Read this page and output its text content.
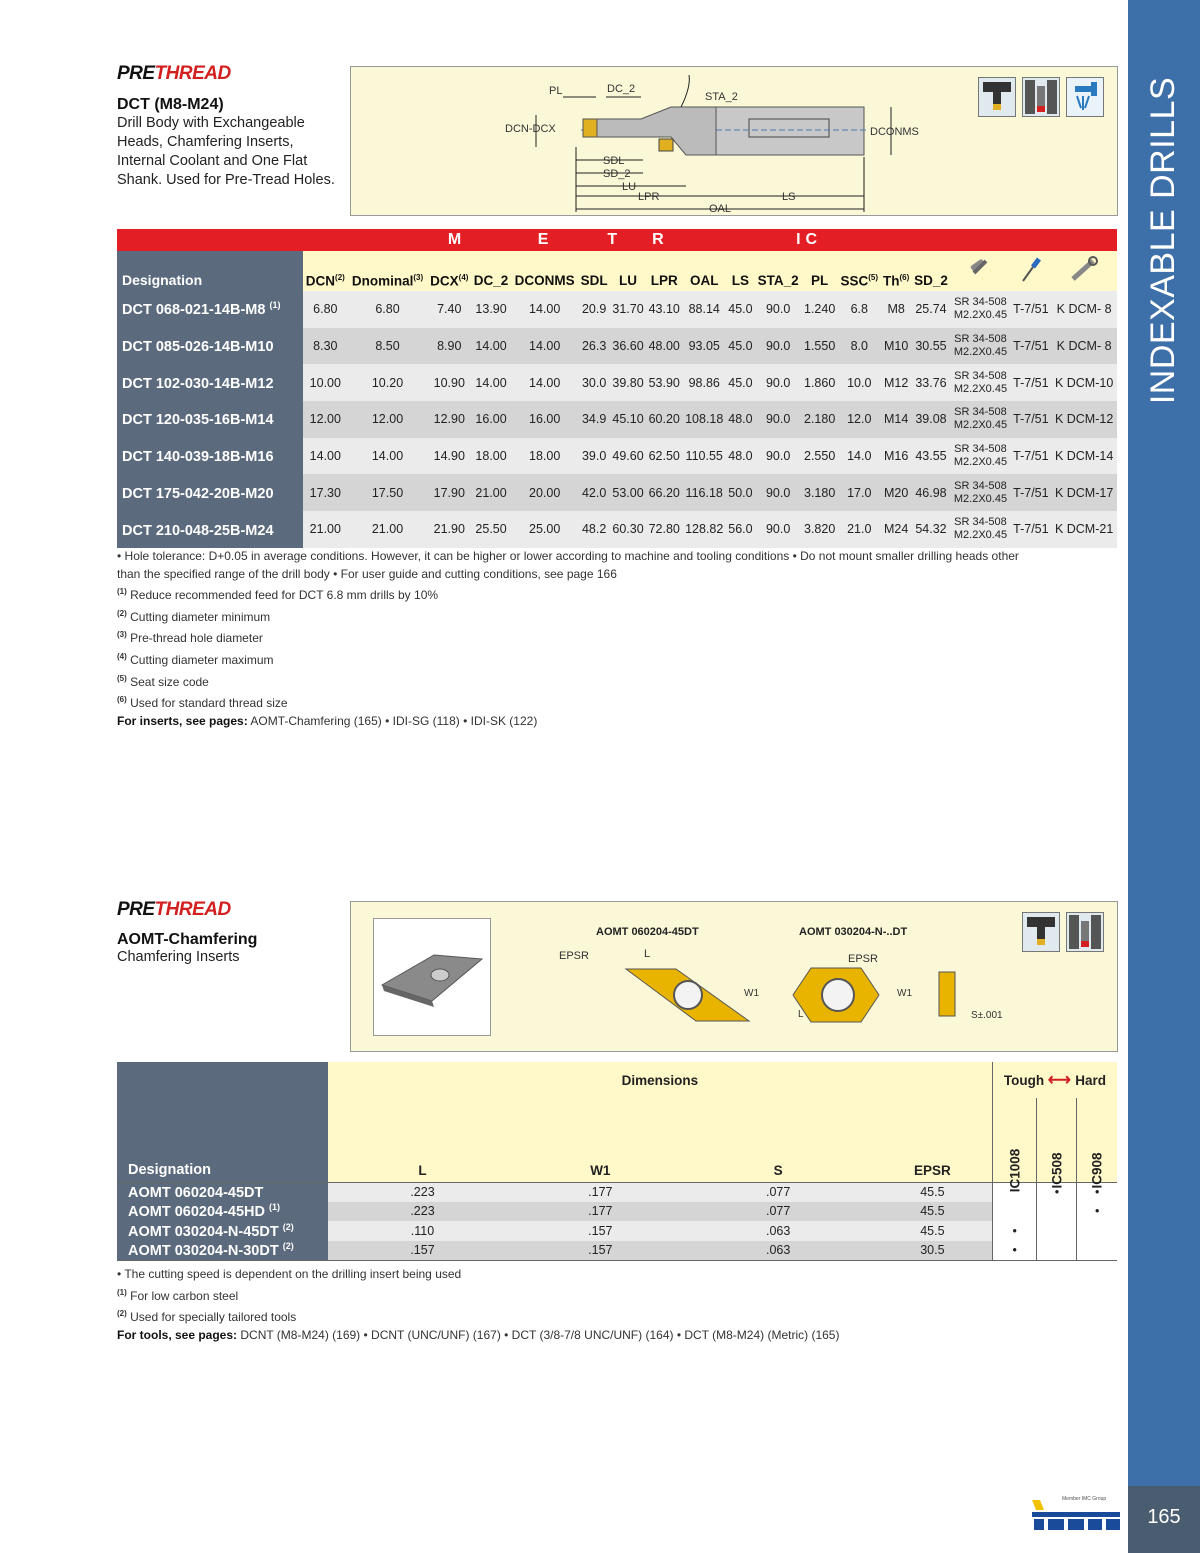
INDEXABLE DRILLS
165
Member IMC Group
PRETHREAD
DCT (M8-M24)
Drill Body with Exchangeable
Heads, Chamfering Inserts,
Internal Coolant and One Flat
Shank. Used for Pre-Tread Holes.
PL	DC_2
STA_2
DCN-DCX	DCONMS
SDL
SD_2
LU
LPR	LS
OAL
	M			E		T		R		I		C						
Designation	DCN$^{(2)}$	Dnominal$^{(3)}$	DCX$^{(4)}$	DC_2	DCONMS	SDL	LU	LPR	OAL	LS	STA_2	PL	SSC$^{(5)}$	Th$^{(6)}$	SD_2			
DCT 068-021-14B-M8 $^{(1)}$	6.80	6.80	7.40	13.90	14.00	20.9	31.70	43.10	88.14	45.0	90.0	1.240	6.8	M8	25.74	SR 34-508
M2.2X0.45	T-7/51	K DCM- 8
DCT 085-026-14B-M10	8.30	8.50	8.90	14.00	14.00	26.3	36.60	48.00	93.05	45.0	90.0	1.550	8.0	M10	30.55	SR 34-508
M2.2X0.45	T-7/51	K DCM- 8
DCT 102-030-14B-M12	10.00	10.20	10.90	14.00	14.00	30.0	39.80	53.90	98.86	45.0	90.0	1.860	10.0	M12	33.76	SR 34-508
M2.2X0.45	T-7/51	K DCM-10
DCT 120-035-16B-M14	12.00	12.00	12.90	16.00	16.00	34.9	45.10	60.20	108.18	48.0	90.0	2.180	12.0	M14	39.08	SR 34-508
M2.2X0.45	T-7/51	K DCM-12
DCT 140-039-18B-M16	14.00	14.00	14.90	18.00	18.00	39.0	49.60	62.50	110.55	48.0	90.0	2.550	14.0	M16	43.55	SR 34-508
M2.2X0.45	T-7/51	K DCM-14
DCT 175-042-20B-M20	17.30	17.50	17.90	21.00	20.00	42.0	53.00	66.20	116.18	50.0	90.0	3.180	17.0	M20	46.98	SR 34-508
M2.2X0.45	T-7/51	K DCM-17
DCT 210-048-25B-M24	21.00	21.00	21.90	25.50	25.00	48.2	60.30	72.80	128.82	56.0	90.0	3.820	21.0	M24	54.32	SR 34-508
M2.2X0.45	T-7/51	K DCM-21
• Hole tolerance: D+0.05 in average conditions. However, it can be higher or lower according to machine and tooling conditions • Do not mount smaller drilling heads other
than the specified range of the drill body • For user guide and cutting conditions, see page 166
$^{(1)}$ Reduce recommended feed for DCT 6.8 mm drills by 10%
$^{(2)}$ Cutting diameter minimum
$^{(3)}$ Pre-thread hole diameter
$^{(4)}$ Cutting diameter maximum
$^{(5)}$ Seat size code
$^{(6)}$ Used for standard thread size
For inserts, see pages: AOMT-Chamfering (165) • IDI-SG (118) • IDI-SK (122)
PRETHREAD
AOMT-Chamfering
Chamfering Inserts
AOMT 060204-45DT	AOMT 030204-N-..DT
EPSR	L
W1
EPSR
L
W1
S±.001
Designation	Dimensions				Tough ⟷ Hard		
	L	W1	S	EPSR	IC1008	IC508	IC908
AOMT 060204-45DT	.223	.177	.077	45.5		•	•
AOMT 060204-45HD $^{(1)}$	.223	.177	.077	45.5			•
AOMT 030204-N-45DT $^{(2)}$	.110	.157	.063	45.5	•		
AOMT 030204-N-30DT $^{(2)}$	.157	.157	.063	30.5	•		
• The cutting speed is dependent on the drilling insert being used
$^{(1)}$ For low carbon steel
$^{(2)}$ Used for specially tailored tools
For tools, see pages: DCNT (M8-M24) (169) • DCNT (UNC/UNF) (167) • DCT (3/8-7/8 UNC/UNF) (164) • DCT (M8-M24) (Metric) (165)
